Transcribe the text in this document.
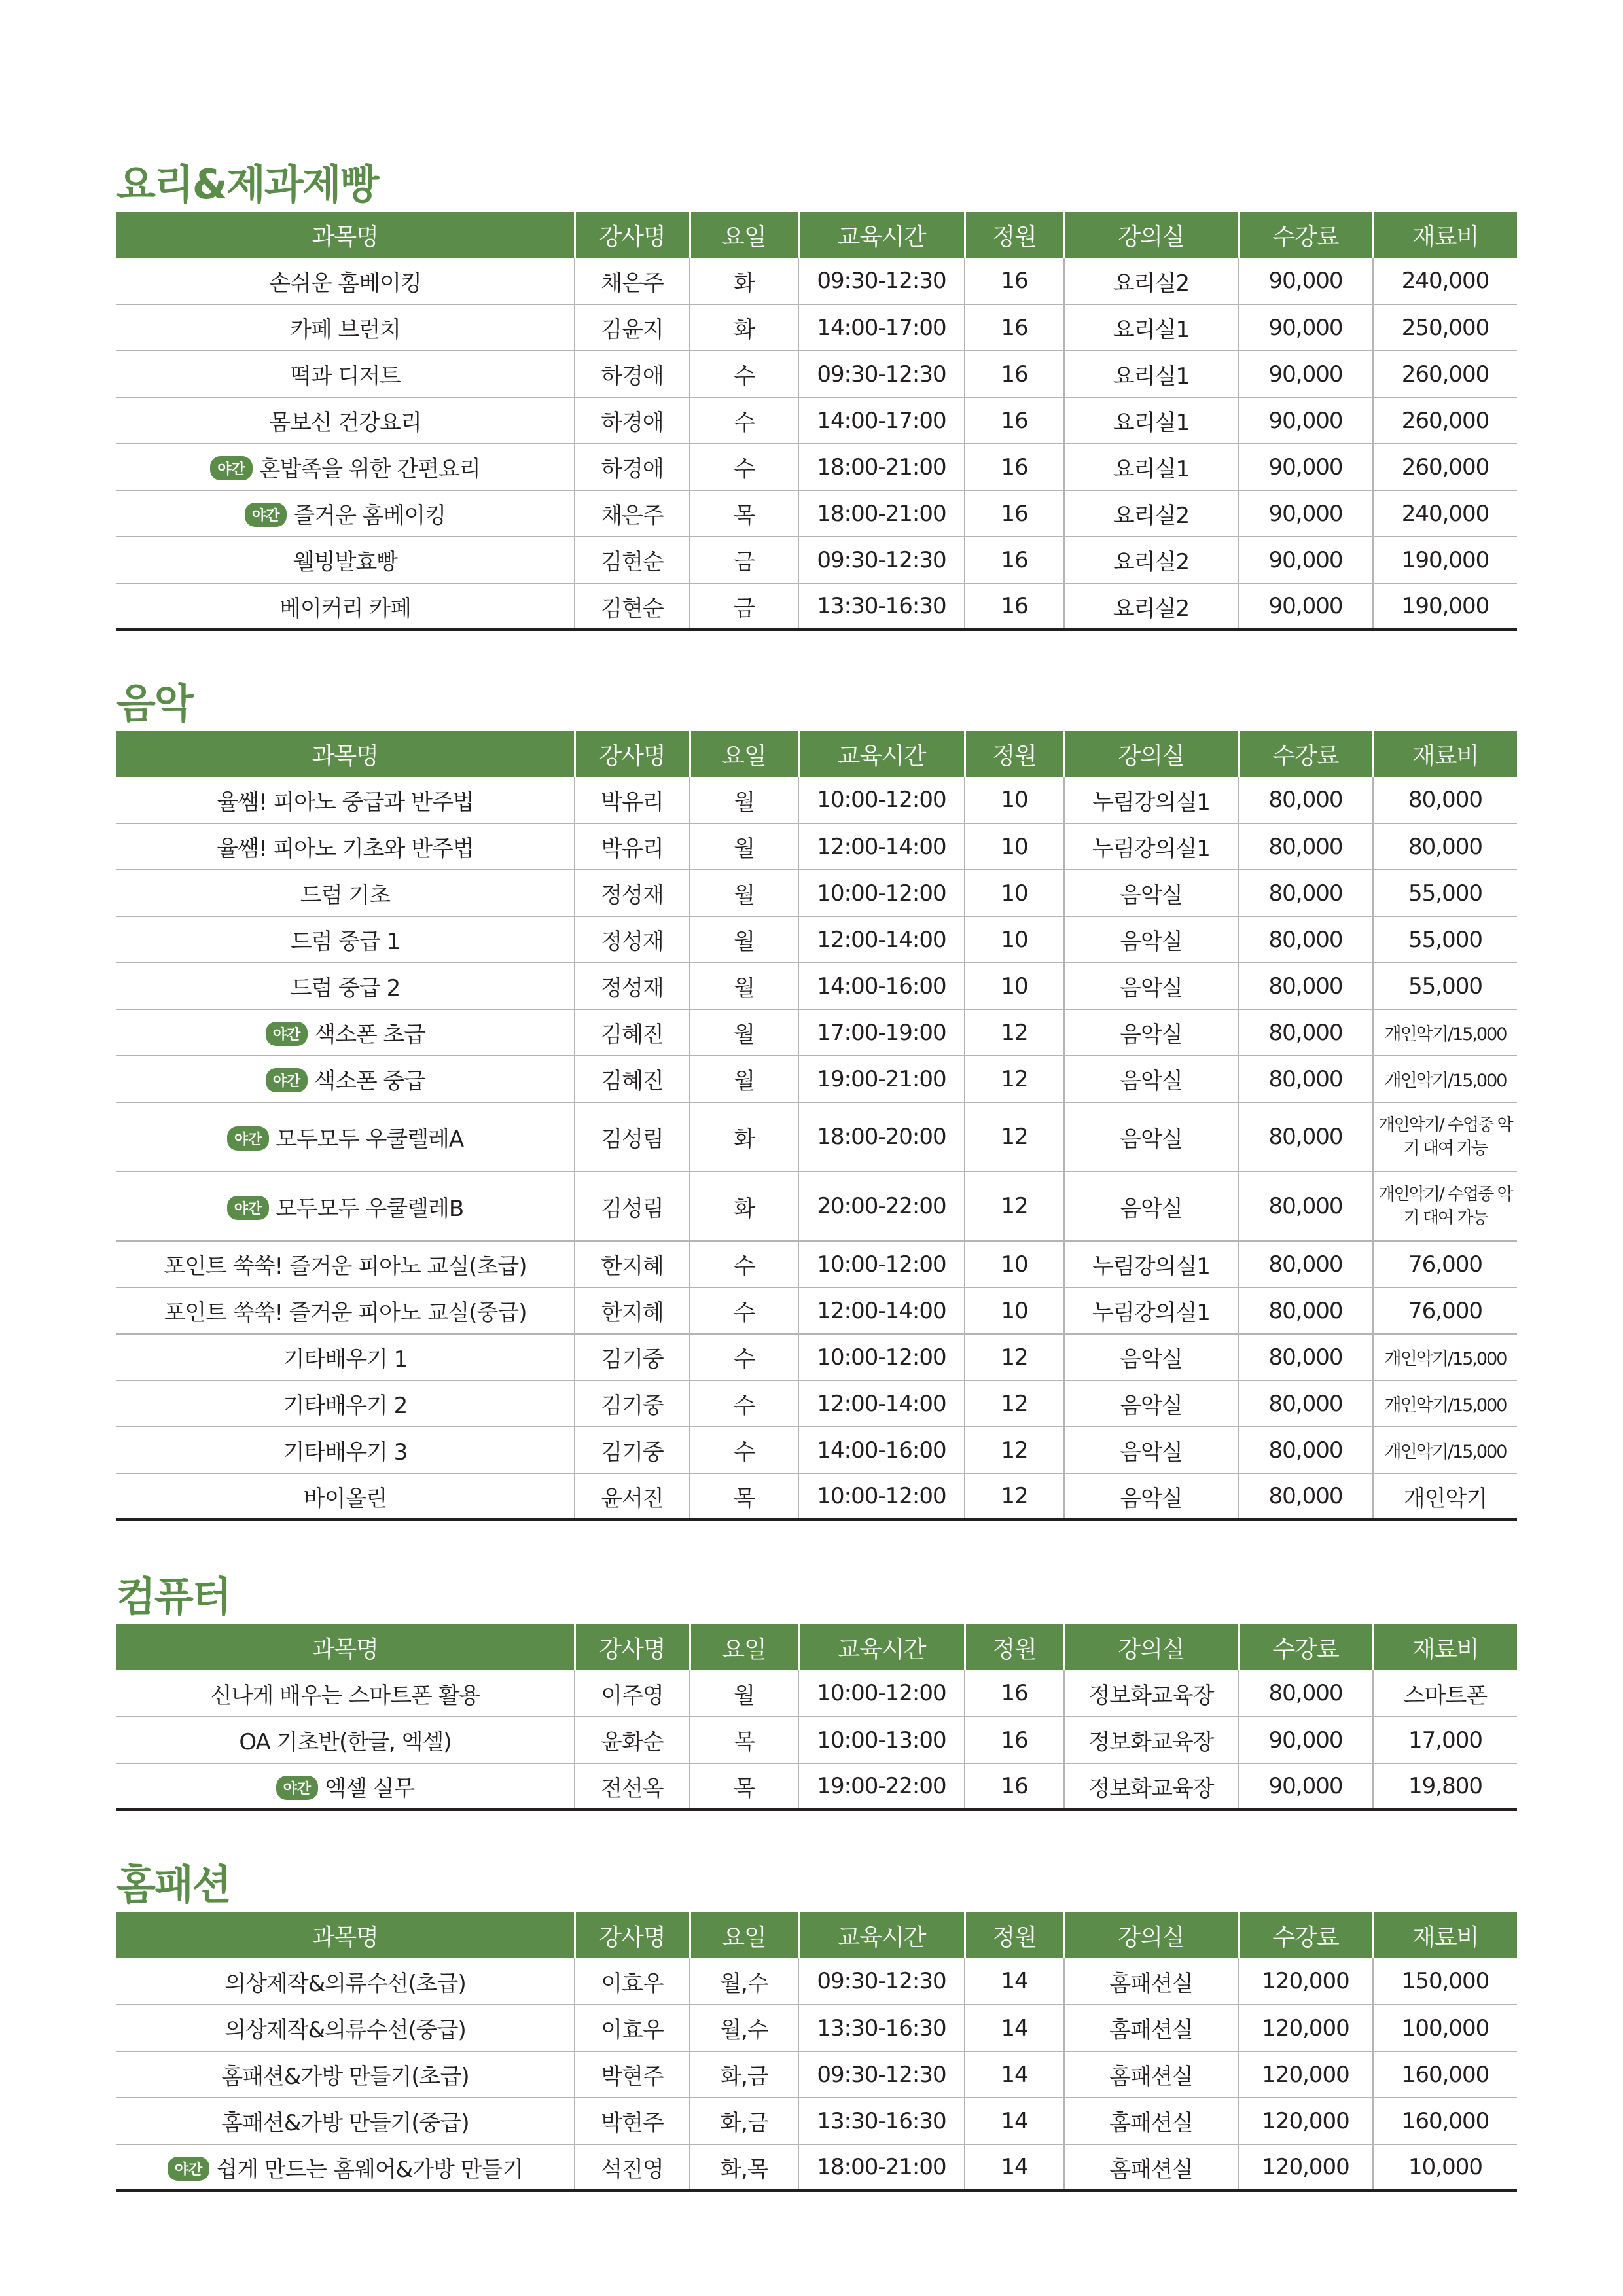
요리&제과제빵
과목명	강사명	요일	교육시간	정원	강의실	수강료	재료비
손쉬운 홈베이킹	채은주	화	09:30-12:30	16	요리실2	90,000	240,000
카페 브런치	김윤지	화	14:00-17:00	16	요리실1	90,000	250,000
떡과 디저트	하경애	수	09:30-12:30	16	요리실1	90,000	260,000
몸보신 건강요리	하경애	수	14:00-17:00	16	요리실1	90,000	260,000
야간 혼밥족을 위한 간편요리	하경애	수	18:00-21:00	16	요리실1	90,000	260,000
야간 즐거운 홈베이킹	채은주	목	18:00-21:00	16	요리실2	90,000	240,000
웰빙발효빵	김현순	금	09:30-12:30	16	요리실2	90,000	190,000
베이커리 카페	김현순	금	13:30-16:30	16	요리실2	90,000	190,000
음악
과목명	강사명	요일	교육시간	정원	강의실	수강료	재료비
율쌤! 피아노 중급과 반주법	박유리	월	10:00-12:00	10	누림강의실1	80,000	80,000
율쌤! 피아노 기초와 반주법	박유리	월	12:00-14:00	10	누림강의실1	80,000	80,000
드럼 기초	정성재	월	10:00-12:00	10	음악실	80,000	55,000
드럼 중급 1	정성재	월	12:00-14:00	10	음악실	80,000	55,000
드럼 중급 2	정성재	월	14:00-16:00	10	음악실	80,000	55,000
야간 색소폰 초급	김혜진	월	17:00-19:00	12	음악실	80,000	개인악기/15,000
야간 색소폰 중급	김혜진	월	19:00-21:00	12	음악실	80,000	개인악기/15,000
야간 모두모두 우쿨렐레A	김성림	화	18:00-20:00	12	음악실	80,000	개인악기/ 수업중 악기 대여 가능
야간 모두모두 우쿨렐레B	김성림	화	20:00-22:00	12	음악실	80,000	개인악기/ 수업중 악기 대여 가능
포인트 쑥쑥! 즐거운 피아노 교실(초급)	한지혜	수	10:00-12:00	10	누림강의실1	80,000	76,000
포인트 쑥쑥! 즐거운 피아노 교실(중급)	한지혜	수	12:00-14:00	10	누림강의실1	80,000	76,000
기타배우기 1	김기중	수	10:00-12:00	12	음악실	80,000	개인악기/15,000
기타배우기 2	김기중	수	12:00-14:00	12	음악실	80,000	개인악기/15,000
기타배우기 3	김기중	수	14:00-16:00	12	음악실	80,000	개인악기/15,000
바이올린	윤서진	목	10:00-12:00	12	음악실	80,000	개인악기
컴퓨터
과목명	강사명	요일	교육시간	정원	강의실	수강료	재료비
신나게 배우는 스마트폰 활용	이주영	월	10:00-12:00	16	정보화교육장	80,000	스마트폰
OA 기초반(한글, 엑셀)	윤화순	목	10:00-13:00	16	정보화교육장	90,000	17,000
야간 엑셀 실무	전선옥	목	19:00-22:00	16	정보화교육장	90,000	19,800
홈패션
과목명	강사명	요일	교육시간	정원	강의실	수강료	재료비
의상제작&의류수선(초급)	이효우	월,수	09:30-12:30	14	홈패션실	120,000	150,000
의상제작&의류수선(중급)	이효우	월,수	13:30-16:30	14	홈패션실	120,000	100,000
홈패션&가방 만들기(초급)	박현주	화,금	09:30-12:30	14	홈패션실	120,000	160,000
홈패션&가방 만들기(중급)	박현주	화,금	13:30-16:30	14	홈패션실	120,000	160,000
야간 쉽게 만드는 홈웨어&가방 만들기	석진영	화,목	18:00-21:00	14	홈패션실	120,000	10,000
